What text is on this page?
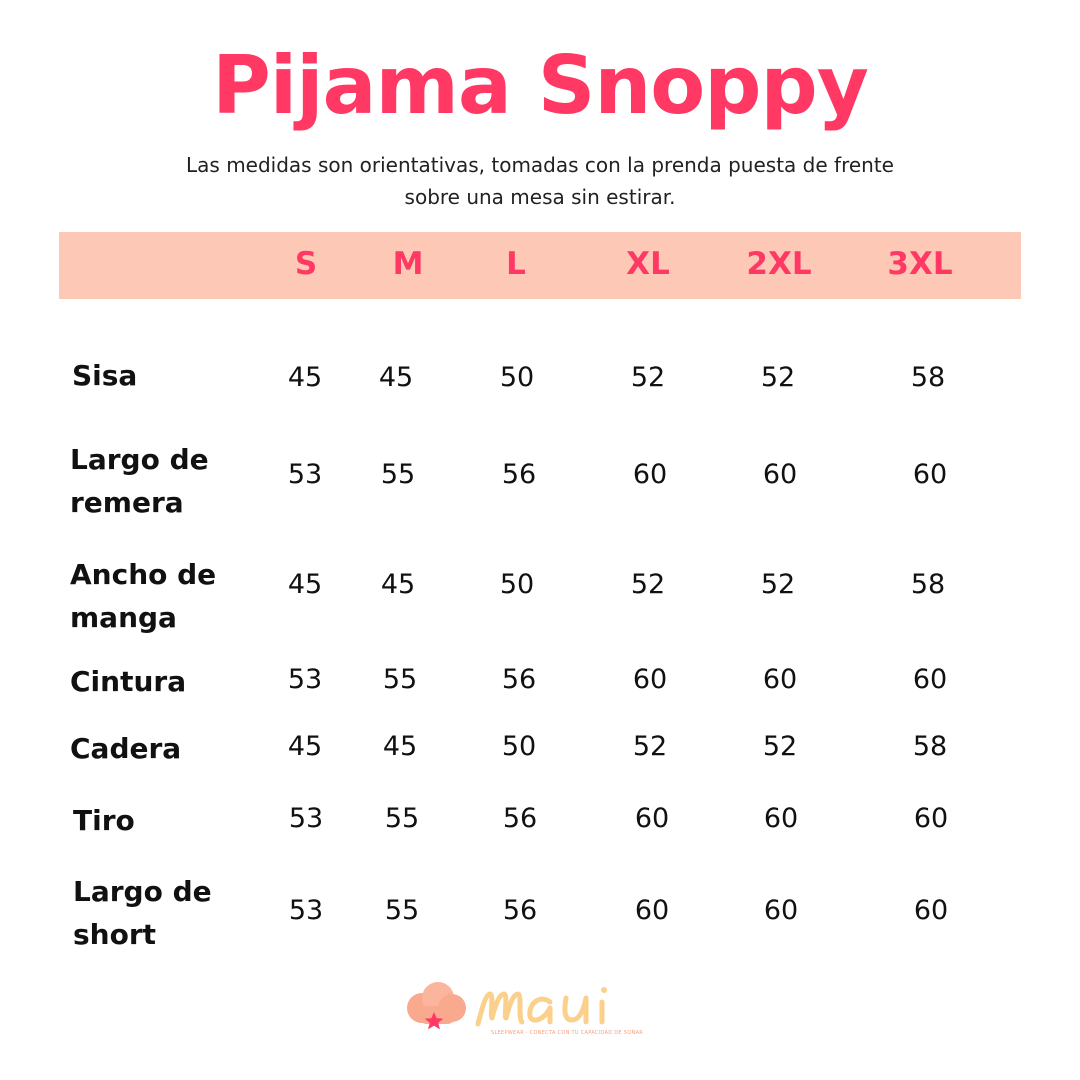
Pijama Snoppy
Las medidas son orientativas, tomadas con la prenda puesta de frente
sobre una mesa sin estirar.
S	M	L	XL	2XL	3XL
Sisa	45	45	50	52	52	58
Largo de
remera
53	55	56	60	60	60
Ancho de
manga
45	45	50	52	52	58
Cintura	53	55	56	60	60	60
Cadera	45	45	50	52	52	58
Tiro	53	55	56	60	60	60
Largo de
short
53	55	56	60	60	60
SLEEPWEAR · CONECTA CON TU CAPACIDAD DE SOÑAR
